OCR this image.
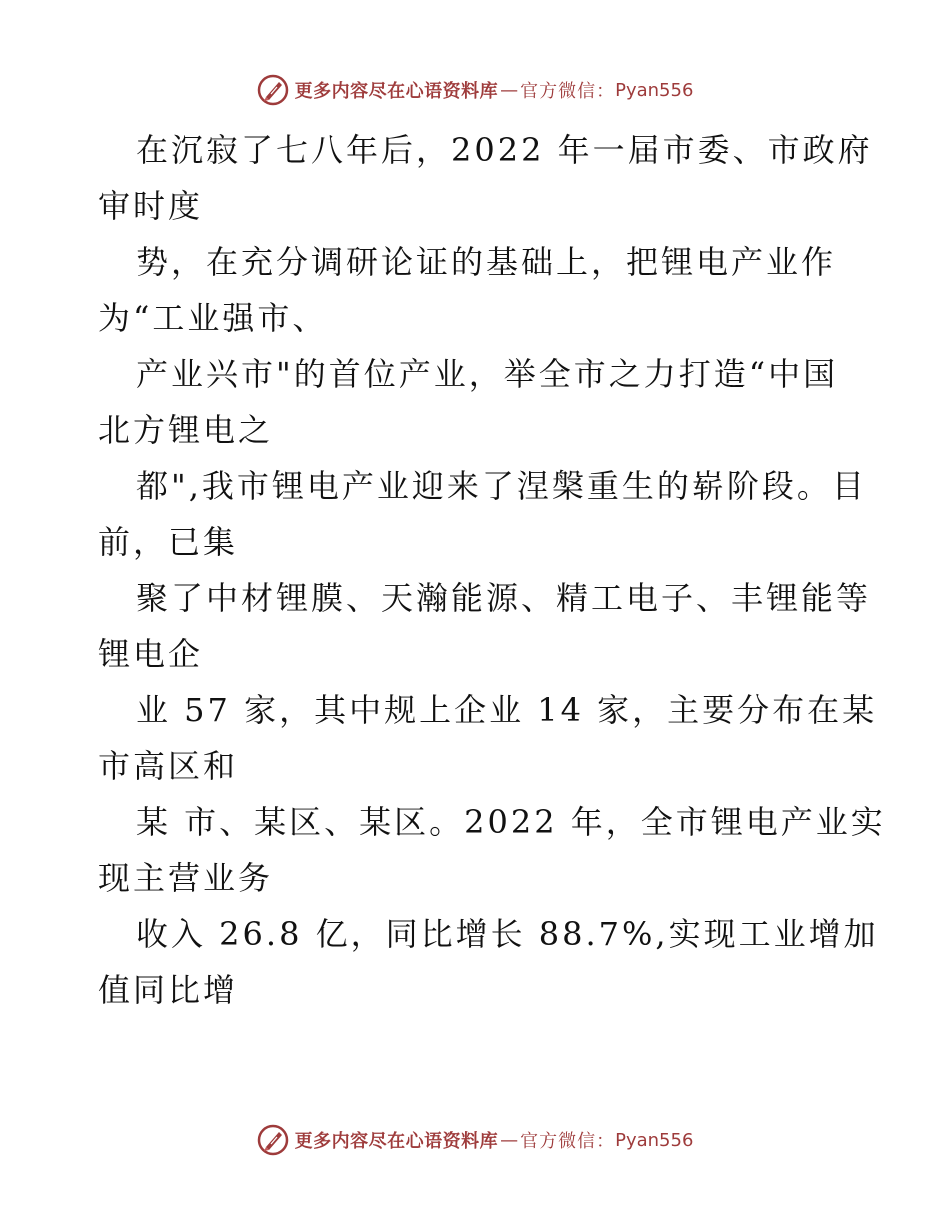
更多内容尽在心语资料库 — 官方微信： Pyan556

在沉寂了七八年后，2022 年一届市委、市政府
审时度

势，在充分调研论证的基础上，把锂电产业作
为“工业强市、

产业兴市"的首位产业，举全市之力打造“中国
北方锂电之

都",我市锂电产业迎来了涅槃重生的崭阶段。目
前，已集

聚了中材锂膜、天瀚能源、精工电子、丰锂能等
锂电企

业 57 家，其中规上企业 14 家，主要分布在某
市高区和

某 市、某区、某区。2022 年，全市锂电产业实
现主营业务

收入 26.8 亿，同比增长 88.7%,实现工业增加
值同比增

更多内容尽在心语资料库 — 官方微信： Pyan556
